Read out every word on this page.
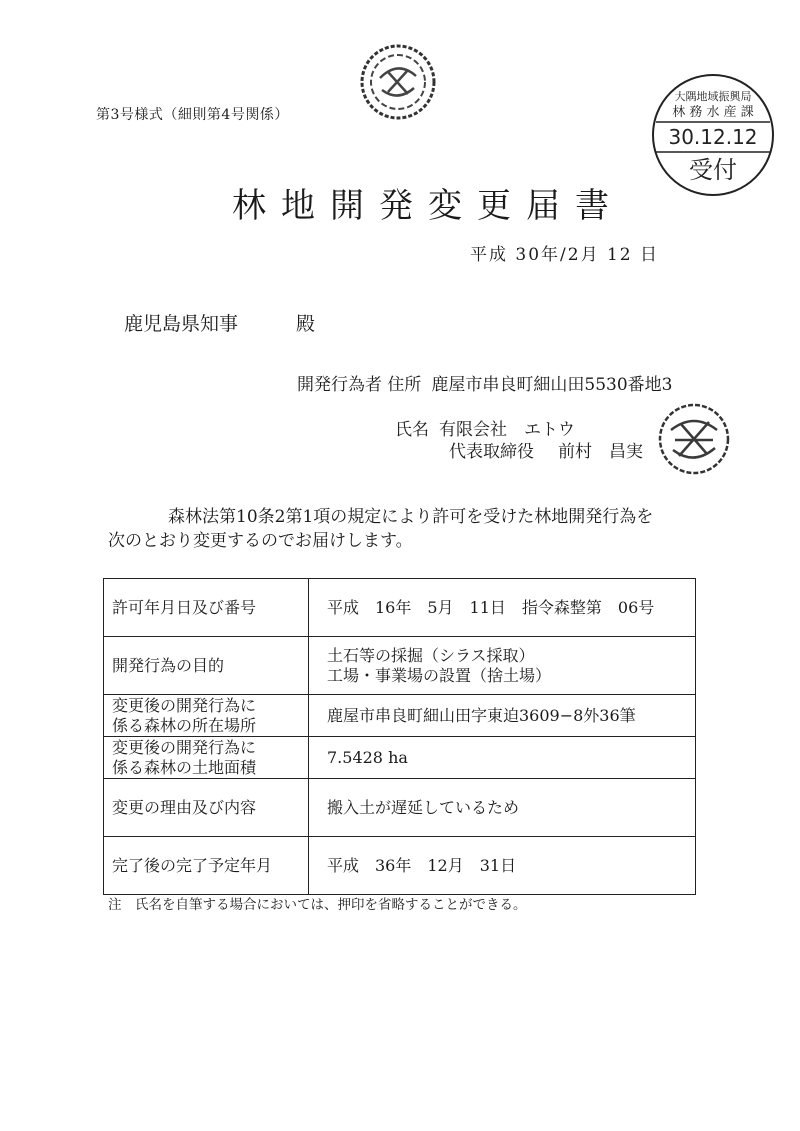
大隅地域振興局
林 務 水 産 課
30.12.12
受付
第3号様式（細則第4号関係）
林地開発変更届書
平成 30年/2月 12 日
鹿児島県知事	殿
開発行為者 住所 鹿屋市串良町細山田5530番地3
氏名 有限会社　エトウ
代表取締役 前村　昌実
森林法第10条2第1項の規定により許可を受けた林地開発行為を
次のとおり変更するのでお届けします。
許可年月日及び番号	平成　16年　5月　11日　指令森整第　06号
開発行為の目的	土石等の採掘（シラス採取）
工場・事業場の設置（捨土場）

変更後の開発行為に
係る森林の所在場所	鹿屋市串良町細山田字東迫3609−8外36筆

変更後の開発行為に
係る森林の土地面積	7.5428 ha
変更の理由及び内容	搬入土が遅延しているため
完了後の完了予定年月	平成　36年　12月　31日
注　氏名を自筆する場合においては、押印を省略することができる。
